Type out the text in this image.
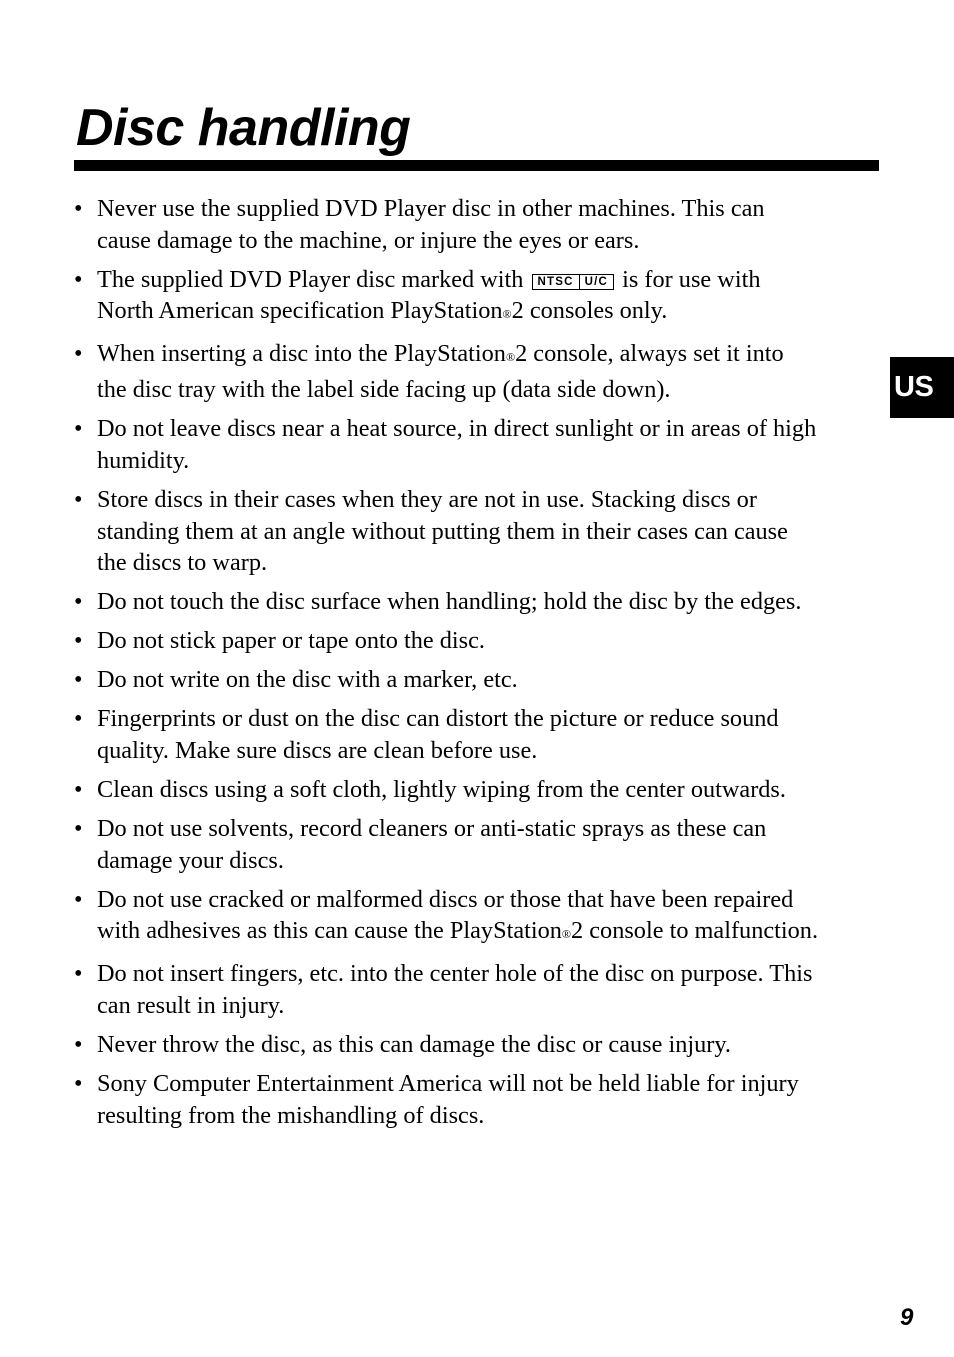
Disc handling
US
• Never use the supplied DVD Player disc in other machines. This can
cause damage to the machine, or injure the eyes or ears.
• The supplied DVD Player disc marked with NTSC U/C is for use with
North American specification PlayStation®2 consoles only.
• When inserting a disc into the PlayStation®2 console, always set it into
the disc tray with the label side facing up (data side down).
• Do not leave discs near a heat source, in direct sunlight or in areas of high
humidity.
• Store discs in their cases when they are not in use. Stacking discs or
standing them at an angle without putting them in their cases can cause
the discs to warp.
• Do not touch the disc surface when handling; hold the disc by the edges.
• Do not stick paper or tape onto the disc.
• Do not write on the disc with a marker, etc.
• Fingerprints or dust on the disc can distort the picture or reduce sound
quality. Make sure discs are clean before use.
• Clean discs using a soft cloth, lightly wiping from the center outwards.
• Do not use solvents, record cleaners or anti-static sprays as these can
damage your discs.
• Do not use cracked or malformed discs or those that have been repaired
with adhesives as this can cause the PlayStation®2 console to malfunction.
• Do not insert fingers, etc. into the center hole of the disc on purpose. This
can result in injury.
• Never throw the disc, as this can damage the disc or cause injury.
• Sony Computer Entertainment America will not be held liable for injury
resulting from the mishandling of discs.
9
